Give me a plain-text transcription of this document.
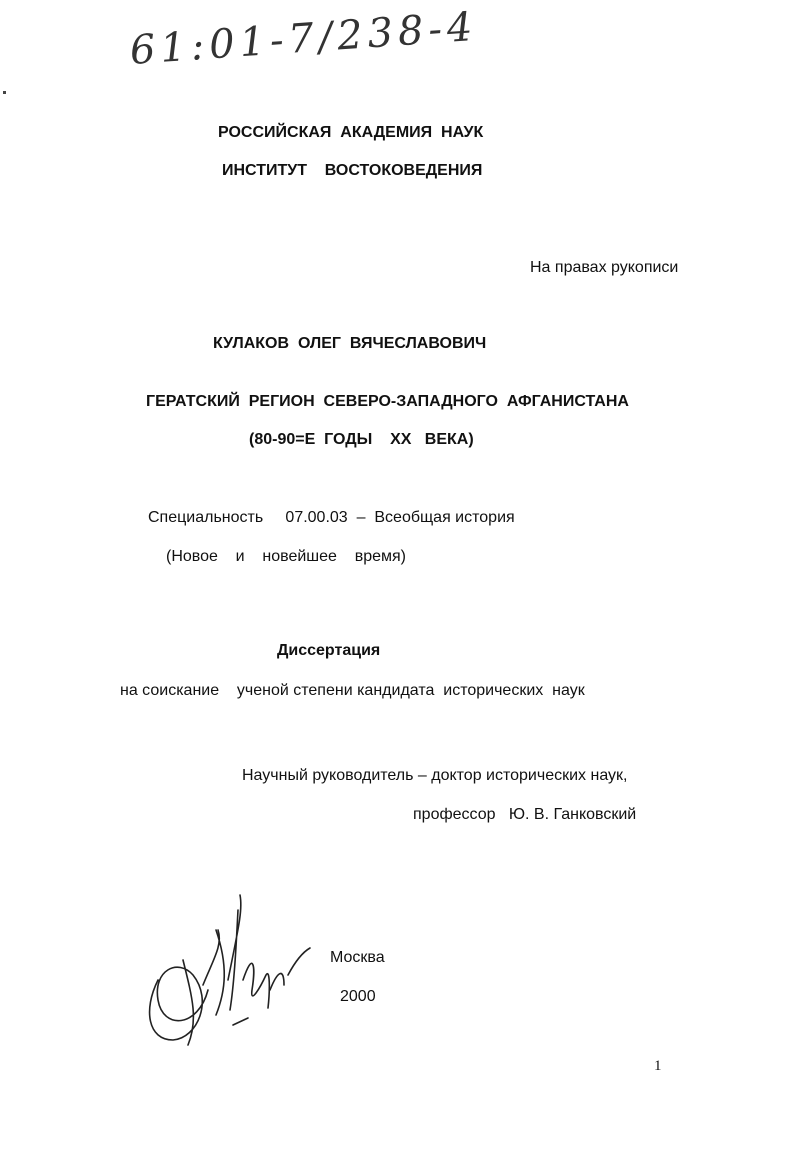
61:01-7/238-4

РОССИЙСКАЯ  АКАДЕМИЯ  НАУК

ИНСТИТУТ    ВОСТОКОВЕДЕНИЯ

На правах рукописи

КУЛАКОВ  ОЛЕГ  ВЯЧЕСЛАВОВИЧ

ГЕРАТСКИЙ  РЕГИОН  СЕВЕРО-ЗАПАДНОГО  АФГАНИСТАНА

(80-90=Е  ГОДЫ    XX   ВЕКА)

Специальность     07.00.03  –  Всеобщая история

(Новое    и    новейшее    время)

Диссертация

на соискание    ученой степени кандидата  исторических  наук

Научный руководитель – доктор исторических наук,

профессор   Ю. В. Ганковский

Москва

2000

1
